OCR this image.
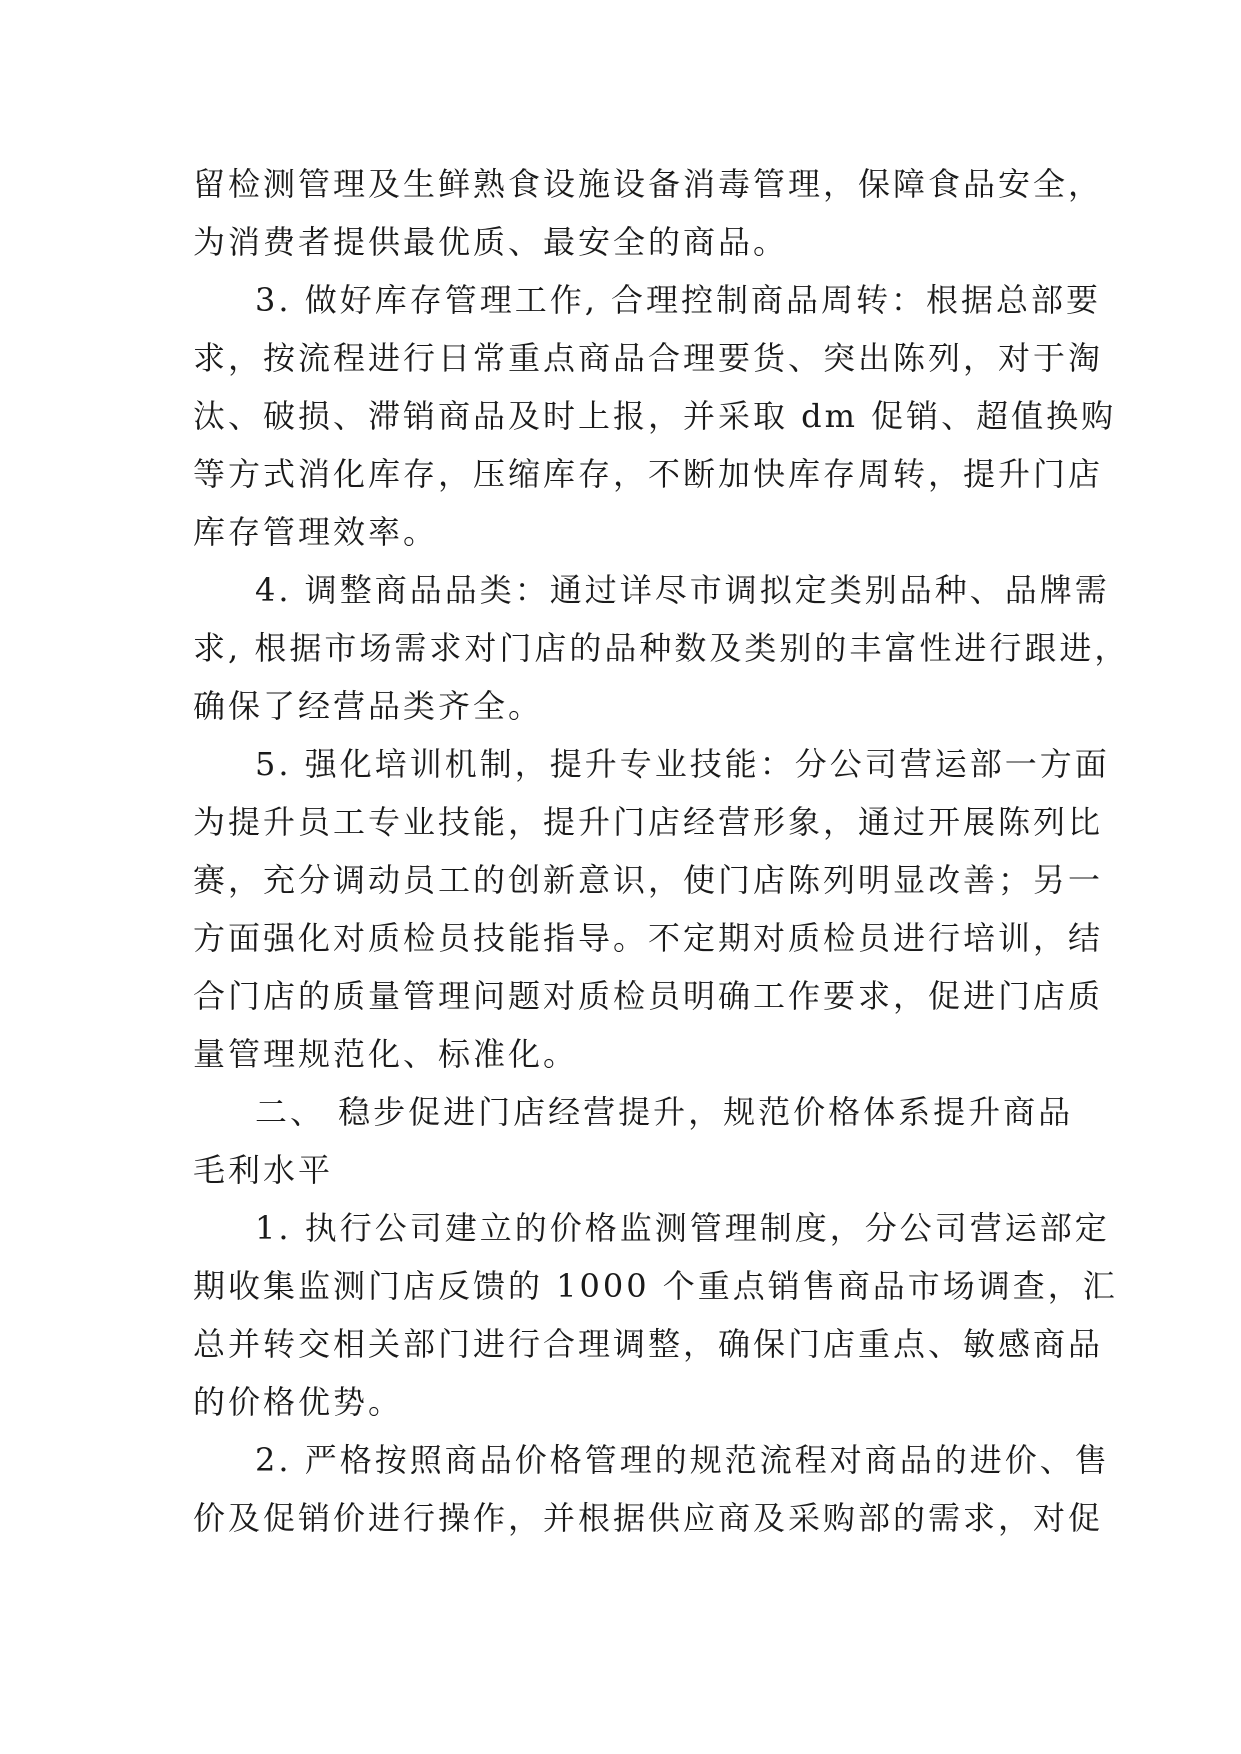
留检测管理及生鲜熟食设施设备消毒管理，保障食品安全，
为消费者提供最优质、最安全的商品。
3. 做好库存管理工作, 合理控制商品周转：根据总部要
求，按流程进行日常重点商品合理要货、突出陈列，对于淘
汰、破损、滞销商品及时上报，并采取 dm 促销、超值换购
等方式消化库存，压缩库存，不断加快库存周转，提升门店
库存管理效率。
4. 调整商品品类：通过详尽市调拟定类别品种、品牌需
求, 根据市场需求对门店的品种数及类别的丰富性进行跟进，
确保了经营品类齐全。
5. 强化培训机制，提升专业技能：分公司营运部一方面
为提升员工专业技能，提升门店经营形象，通过开展陈列比
赛，充分调动员工的创新意识，使门店陈列明显改善；另一
方面强化对质检员技能指导。不定期对质检员进行培训，结
合门店的质量管理问题对质检员明确工作要求，促进门店质
量管理规范化、标准化。
二、 稳步促进门店经营提升，规范价格体系提升商品
毛利水平
1. 执行公司建立的价格监测管理制度，分公司营运部定
期收集监测门店反馈的 1000 个重点销售商品市场调查，汇
总并转交相关部门进行合理调整，确保门店重点、敏感商品
的价格优势。
2. 严格按照商品价格管理的规范流程对商品的进价、售
价及促销价进行操作，并根据供应商及采购部的需求，对促
